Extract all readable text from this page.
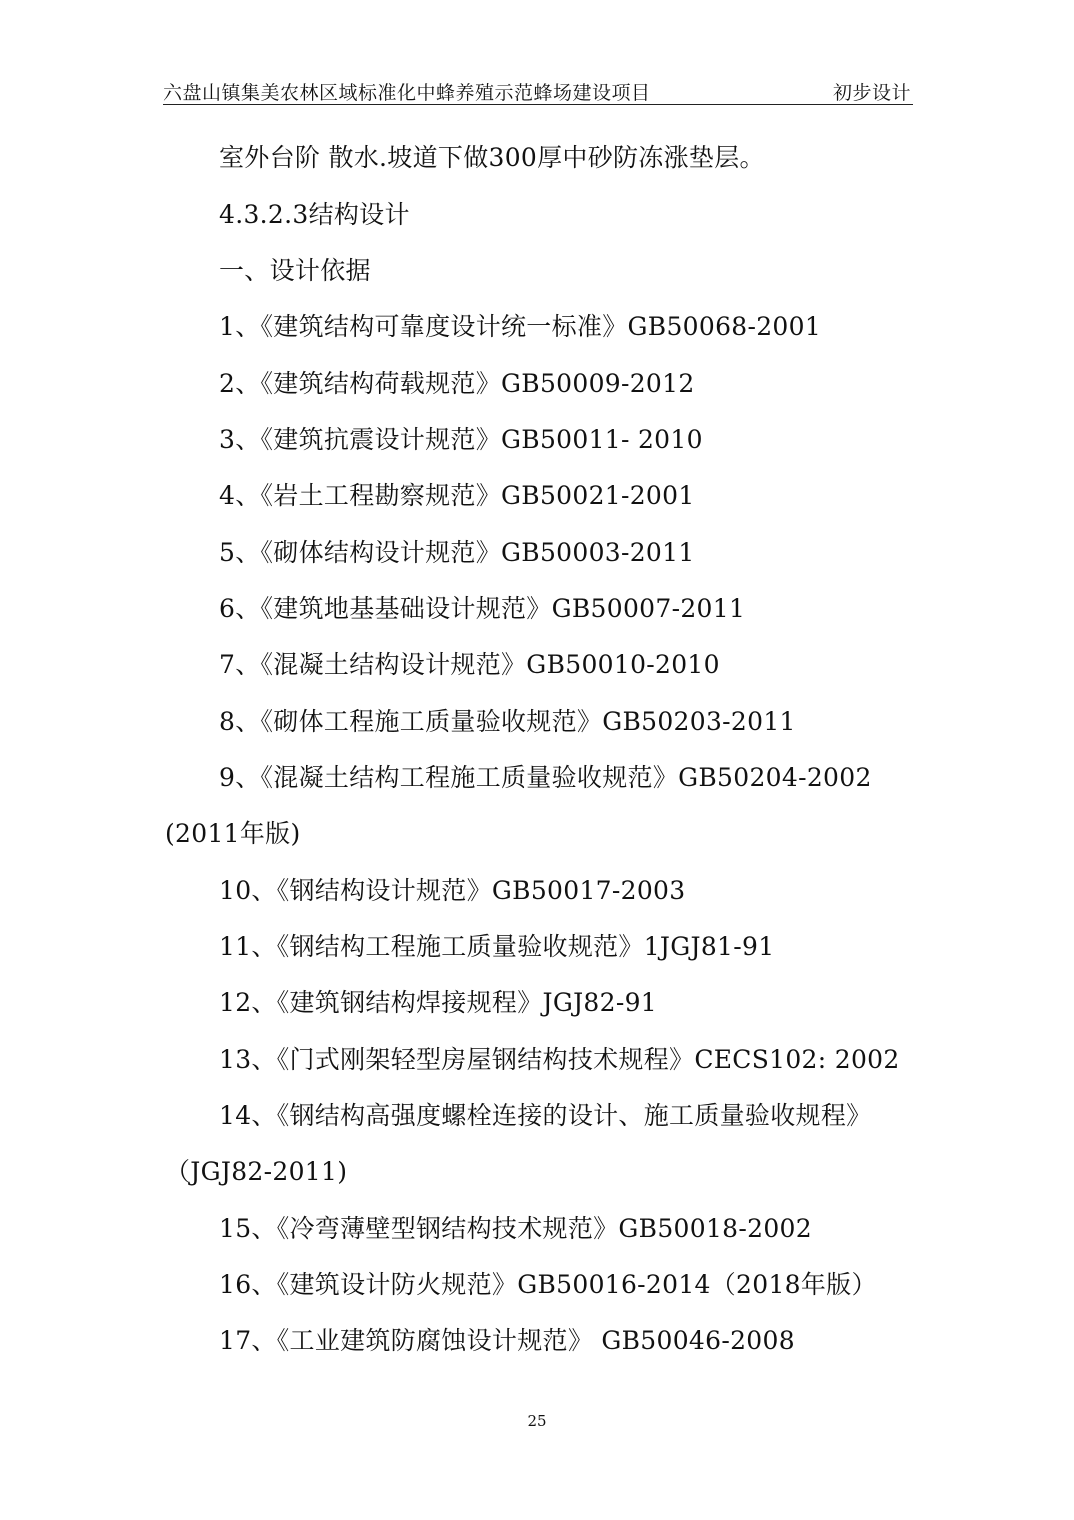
六盘山镇集美农林区域标准化中蜂养殖示范蜂场建设项目	初步设计
室外台阶 散水.坡道下做300厚中砂防冻涨垫层。
4.3.2.3结构设计
一、设计依据
1、《建筑结构可靠度设计统一标准》GB50068-2001
2、《建筑结构荷载规范》GB50009-2012
3、《建筑抗震设计规范》GB50011- 2010
4、《岩土工程勘察规范》GB50021-2001
5、《砌体结构设计规范》GB50003-2011
6、《建筑地基基础设计规范》GB50007-2011
7、《混凝土结构设计规范》GB50010-2010
8、《砌体工程施工质量验收规范》GB50203-2011
9、《混凝土结构工程施工质量验收规范》GB50204-2002
(2011年版)
10、《钢结构设计规范》GB50017-2003
11、《钢结构工程施工质量验收规范》1JGJ81-91
12、《建筑钢结构焊接规程》JGJ82-91
13、《门式刚架轻型房屋钢结构技术规程》CECS102: 2002
14、《钢结构高强度螺栓连接的设计、施工质量验收规程》
（JGJ82-2011)
15、《冷弯薄壁型钢结构技术规范》GB50018-2002
16、《建筑设计防火规范》GB50016-2014（2018年版）
17、《工业建筑防腐蚀设计规范》 GB50046-2008
25
